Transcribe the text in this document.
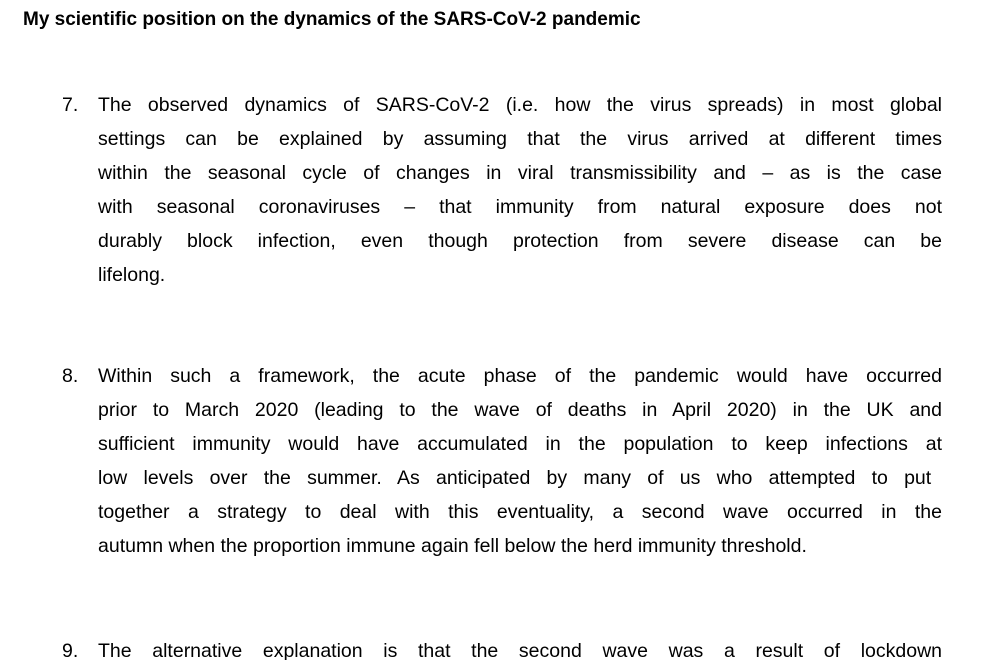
My scientific position on the dynamics of the SARS-CoV-2 pandemic
7. The observed dynamics of SARS-CoV-2 (i.e. how the virus spreads) in most global
settings can be explained by assuming that the virus arrived at different times
within the seasonal cycle of changes in viral transmissibility and – as is the case
with seasonal coronaviruses – that immunity from natural exposure does not
durably block infection, even though protection from severe disease can be
lifelong.
8. Within such a framework, the acute phase of the pandemic would have occurred
prior to March 2020 (leading to the wave of deaths in April 2020) in the UK and
sufficient immunity would have accumulated in the population to keep infections at
low levels over the summer. As anticipated by many of us who attempted to put
together a strategy to deal with this eventuality, a second wave occurred in the
autumn when the proportion immune again fell below the herd immunity threshold.
9. The alternative explanation is that the second wave was a result of lockdown
